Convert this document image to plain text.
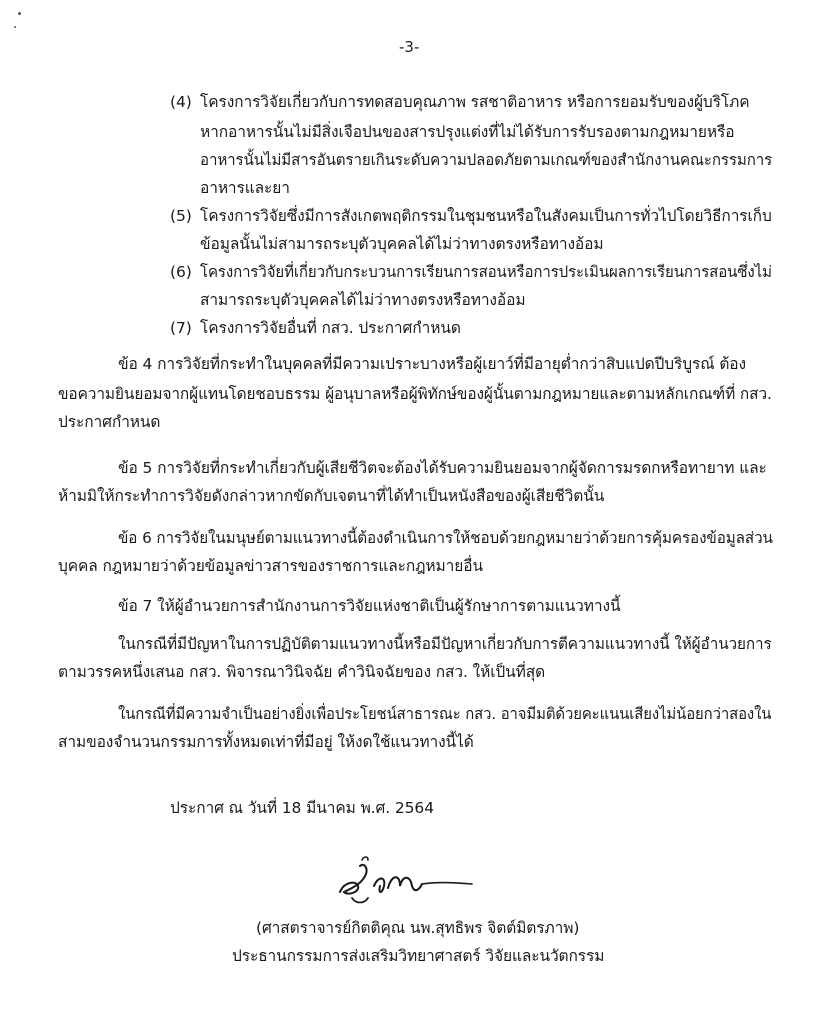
-3-
(4) โครงการวิจัยเกี่ยวกับการทดสอบคุณภาพ รสชาติอาหาร หรือการยอมรับของผู้บริโภค
หากอาหารนั้นไม่มีสิ่งเจือปนของสารปรุงแต่งที่ไม่ได้รับการรับรองตามกฎหมายหรือ
อาหารนั้นไม่มีสารอันตรายเกินระดับความปลอดภัยตามเกณฑ์ของสำนักงานคณะกรรมการ
อาหารและยา
(5) โครงการวิจัยซึ่งมีการสังเกตพฤติกรรมในชุมชนหรือในสังคมเป็นการทั่วไปโดยวิธีการเก็บ
ข้อมูลนั้นไม่สามารถระบุตัวบุคคลได้ไม่ว่าทางตรงหรือทางอ้อม
(6) โครงการวิจัยที่เกี่ยวกับกระบวนการเรียนการสอนหรือการประเมินผลการเรียนการสอนซึ่งไม่
สามารถระบุตัวบุคคลได้ไม่ว่าทางตรงหรือทางอ้อม
(7) โครงการวิจัยอื่นที่ กสว. ประกาศกำหนด
ข้อ 4 การวิจัยที่กระทำในบุคคลที่มีความเปราะบางหรือผู้เยาว์ที่มีอายุต่ำกว่าสิบแปดปีบริบูรณ์ ต้อง
ขอความยินยอมจากผู้แทนโดยชอบธรรม ผู้อนุบาลหรือผู้พิทักษ์ของผู้นั้นตามกฎหมายและตามหลักเกณฑ์ที่ กสว.
ประกาศกำหนด
ข้อ 5 การวิจัยที่กระทำเกี่ยวกับผู้เสียชีวิตจะต้องได้รับความยินยอมจากผู้จัดการมรดกหรือทายาท และ
ห้ามมิให้กระทำการวิจัยดังกล่าวหากขัดกับเจตนาที่ได้ทำเป็นหนังสือของผู้เสียชีวิตนั้น
ข้อ 6 การวิจัยในมนุษย์ตามแนวทางนี้ต้องดำเนินการให้ชอบด้วยกฎหมายว่าด้วยการคุ้มครองข้อมูลส่วน
บุคคล กฎหมายว่าด้วยข้อมูลข่าวสารของราชการและกฎหมายอื่น
ข้อ 7 ให้ผู้อำนวยการสำนักงานการวิจัยแห่งชาติเป็นผู้รักษาการตามแนวทางนี้
ในกรณีที่มีปัญหาในการปฏิบัติตามแนวทางนี้หรือมีปัญหาเกี่ยวกับการตีความแนวทางนี้ ให้ผู้อำนวยการ
ตามวรรคหนึ่งเสนอ กสว. พิจารณาวินิจฉัย คำวินิจฉัยของ กสว. ให้เป็นที่สุด
ในกรณีที่มีความจำเป็นอย่างยิ่งเพื่อประโยชน์สาธารณะ กสว. อาจมีมติด้วยคะแนนเสียงไม่น้อยกว่าสองใน
สามของจำนวนกรรมการทั้งหมดเท่าที่มีอยู่ ให้งดใช้แนวทางนี้ได้
ประกาศ ณ วันที่ 18 มีนาคม พ.ศ. 2564
(ศาสตราจารย์กิตติคุณ นพ.สุทธิพร จิตต์มิตรภาพ)
ประธานกรรมการส่งเสริมวิทยาศาสตร์ วิจัยและนวัตกรรม
